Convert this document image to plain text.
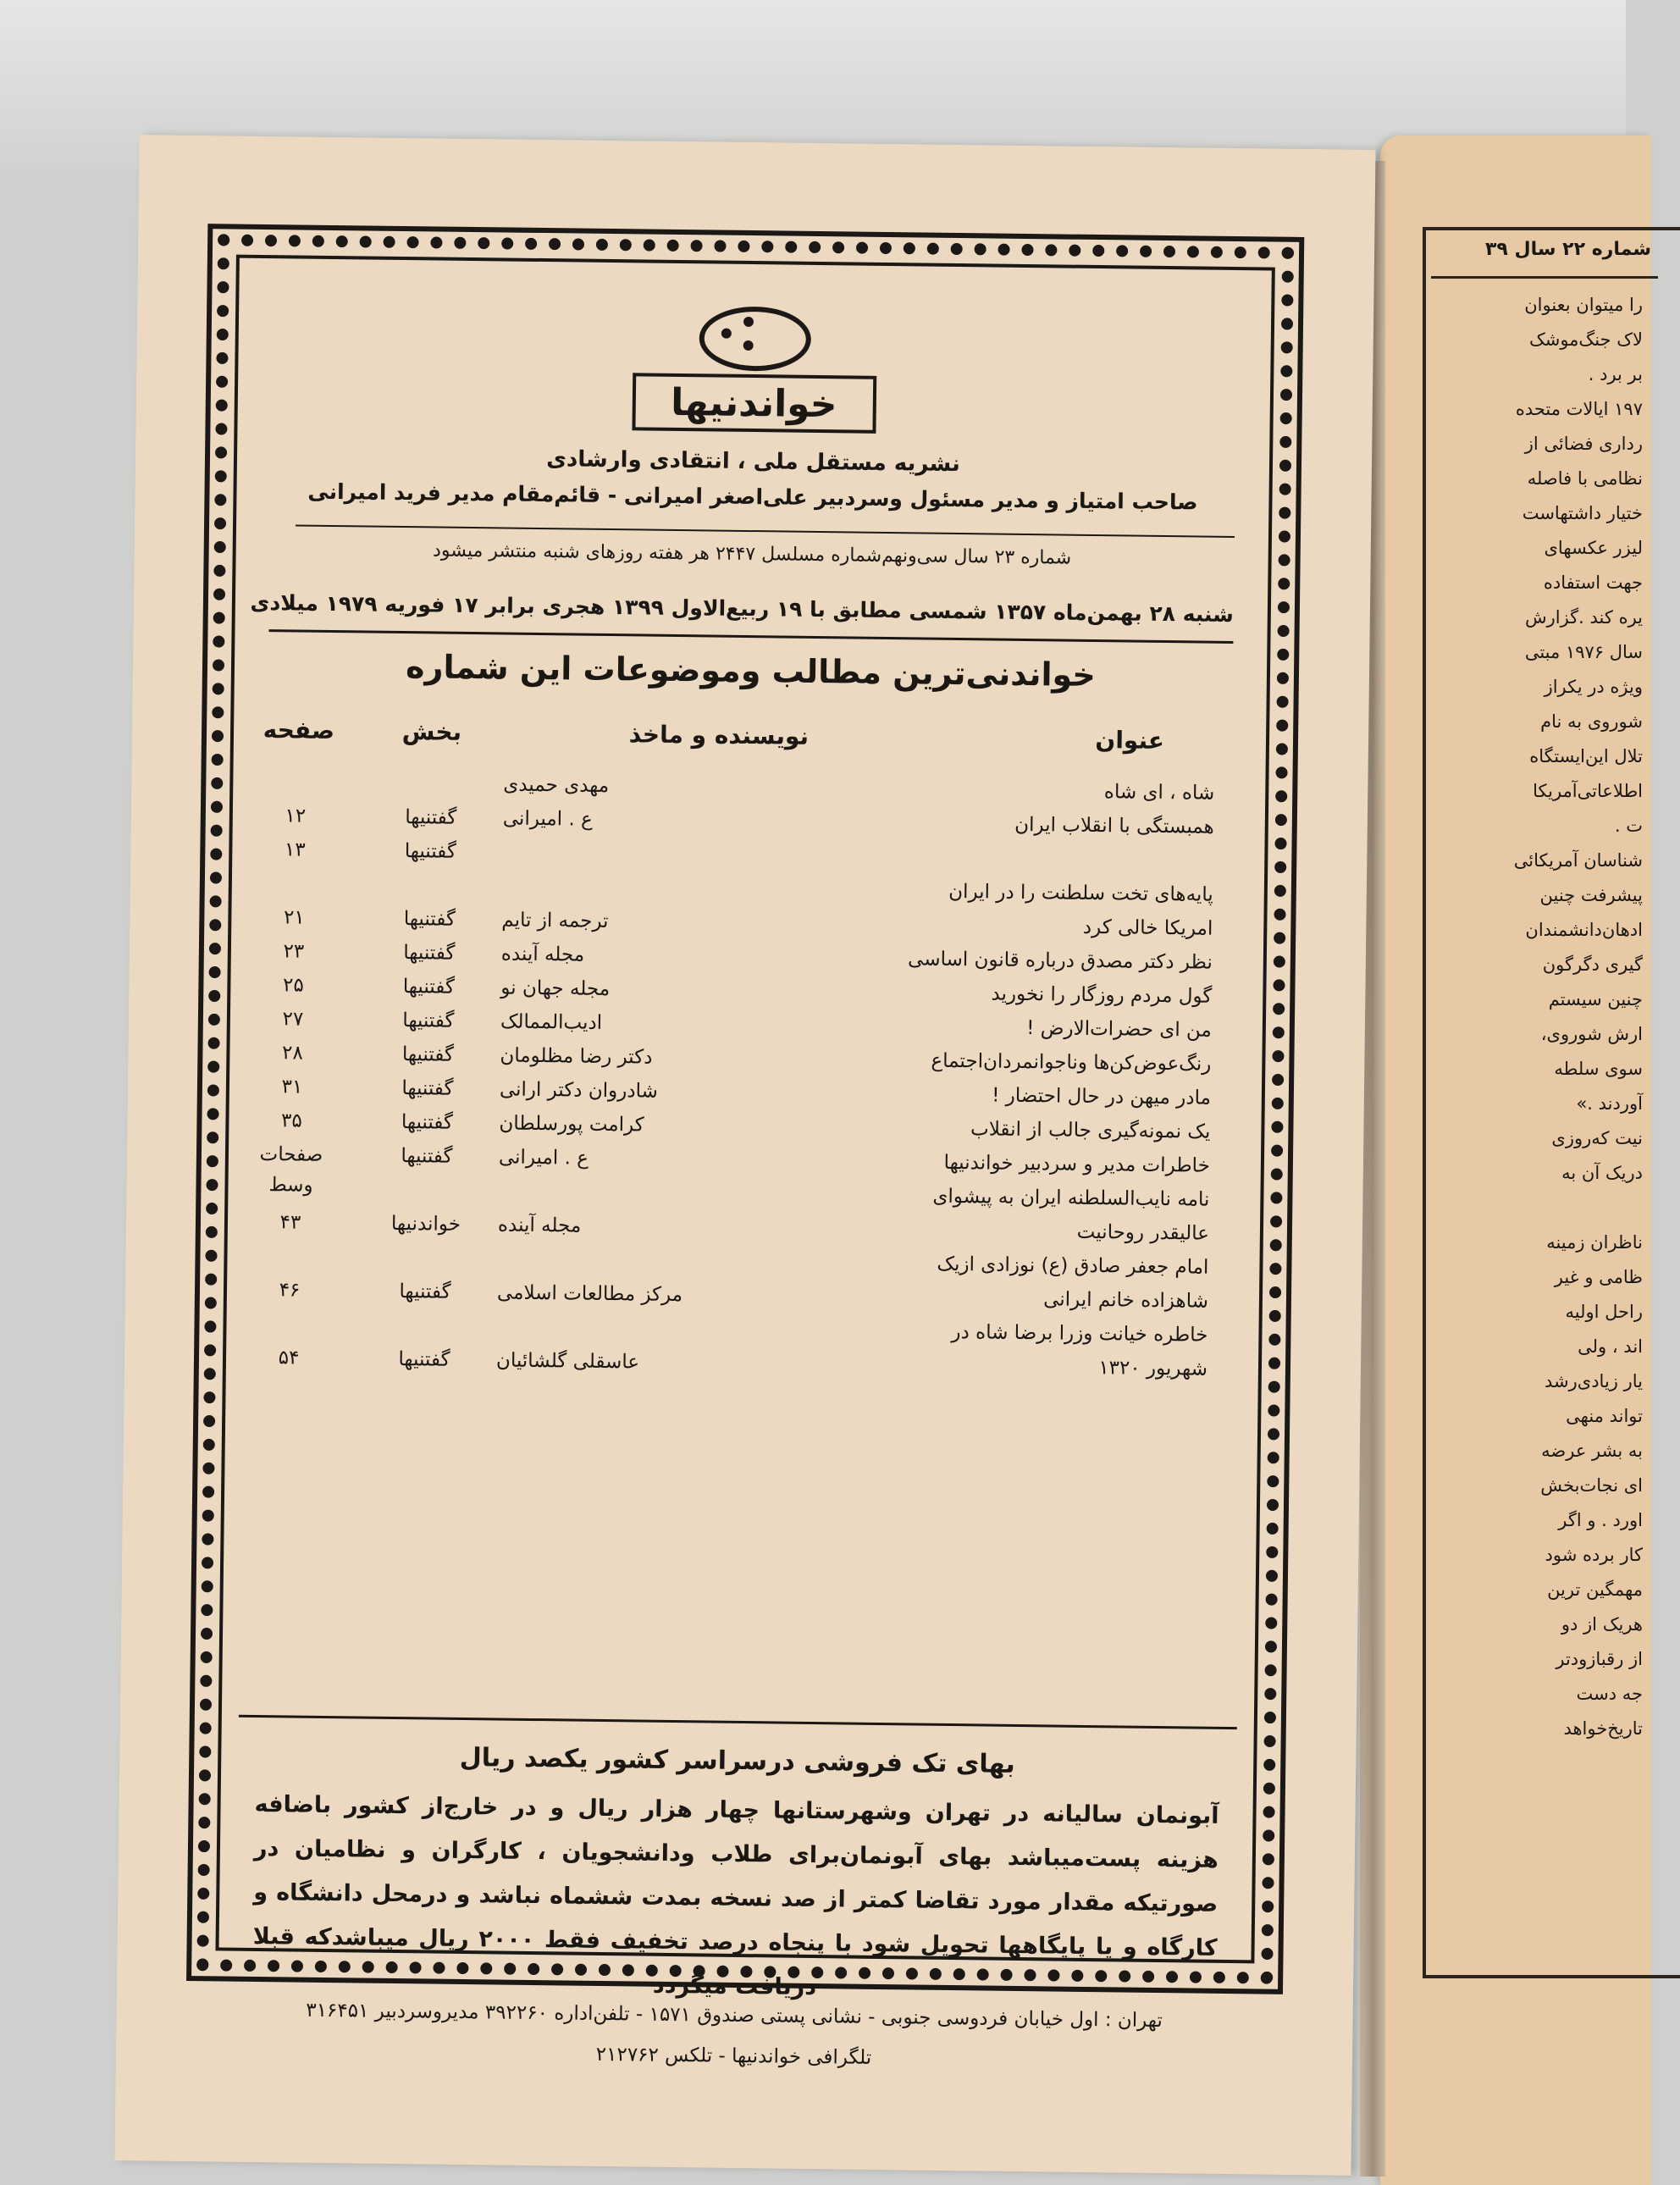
شماره ۲۲ سال ۳۹
را میتوان بعنوان
لاک جنگ‌موشک
بر برد .
۱۹۷ ایالات متحده
رداری فضائی از
نظامی با فاصله
ختیار داشتهاست
لیزر عکسهای
جهت استفاده
یره کند .گزارش
سال ۱۹۷۶ مبتی
ویژه در یکراز
شوروی به نام
تلال این‌ایستگاه
اطلاعاتی‌آمریکا
ت .
شناسان آمریکائی
پیشرفت چنین
ادهان‌دانشمندان
گیری دگرگون
چنین سیستم
ارش شوروی،
سوی سلطه
آوردند .»
نیت که‌روزی
دریک آن به
ناظران زمینه
ظامی و غیر
راحل اولیه
اند ، ولی
یار زیادی‌رشد
تواند منهی
به بشر عرضه
ای نجات‌بخش
اورد . و اگر
کار برده شود
مهمگین ترین
هریک از دو
از رقبازودتر
جه دست
تاریخ‌خواهد
خواندنیها
نشریه مستقل ملی ، انتقادی وارشادی
صاحب امتیاز و مدیر مسئول وسردبیر علی‌اصغر امیرانی - قائم‌مقام مدیر فرید امیرانی
شماره ۲۳ سال سی‌ونهم‌شماره مسلسل ۲۴۴۷ هر هفته روزهای شنبه منتشر میشود
شنبه ۲۸ بهمن‌ماه ۱۳۵۷ شمسی مطابق با ۱۹ ربیع‌الاول ۱۳۹۹ هجری برابر ۱۷ فوریه ۱۹۷۹ میلادی
خواندنی‌ترین مطالب وموضوعات این شماره
عنوان
نویسنده و ماخذ
بخش
صفحه
شاه ، ای شاه
مهدی حمیدی
همبستگی با انقلاب ایران
ع . امیرانی
گفتنیها
۱۲
گفتنیها
۱۳
پایه‌های تخت سلطنت را در ایران
امریکا خالی کرد
ترجمه از تایم
گفتنیها
۲۱
نظر دکتر مصدق درباره قانون اساسی
مجله آینده
گفتنیها
۲۳
گول مردم روزگار را نخورید
مجله جهان نو
گفتنیها
۲۵
من ای حضرات‌الارض !
ادیب‌الممالک
گفتنیها
۲۷
رنگ‌عوض‌کن‌ها وناجوانمردان‌اجتماع
دکتر رضا مظلومان
گفتنیها
۲۸
مادر میهن در حال احتضار !
شادروان دکتر ارانی
گفتنیها
۳۱
یک نمونه‌گیری جالب از انقلاب
کرامت پورسلطان
گفتنیها
۳۵
خاطرات مدیر و سردبیر خواندنیها
ع . امیرانی
گفتنیها
صفحات وسط
نامه نایب‌السلطنه ایران به پیشوای
عالیقدر روحانیت
مجله آینده
خواندنیها
۴۳
امام جعفر صادق (ع) نوزادی ازیک
شاهزاده خانم ایرانی
مرکز مطالعات اسلامی
گفتنیها
۴۶
خاطره خیانت وزرا برضا شاه در
شهریور ۱۳۲۰
عاسقلی گلشائیان
گفتنیها
۵۴
بهای تک فروشی درسراسر کشور یکصد ریال
آبونمان سالیانه در تهران وشهرستانها چهار هزار ریال و در خارج‌از کشور باضافه هزینه پست‌میباشد بهای آبونمان‌برای طلاب ودانشجویان ، کارگران و نظامیان در صورتیکه مقدار مورد تقاضا کمتر از صد نسخه بمدت ششماه نباشد و درمحل دانشگاه و کارگاه و یا پایگاهها تحویل شود با پنجاه درصد تخفیف فقط ۲۰۰۰ ریال میباشدکه قبلا دریافت میگردد
تهران : اول خیابان فردوسی جنوبی - نشانی پستی صندوق ۱۵۷۱ - تلفن‌اداره ۳۹۲۲۶۰ مدیروسردبیر ۳۱۶۴۵۱
تلگرافی خواندنیها - تلکس ۲۱۲۷۶۲
